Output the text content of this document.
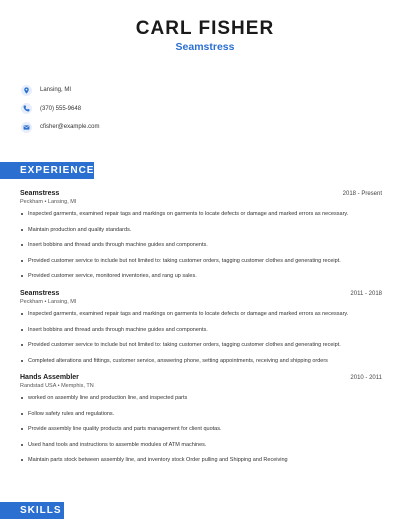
CARL FISHER
Seamstress
Lansing, MI
(370) 555-9648
cfisher@example.com
EXPERIENCE
Seamstress	2018 - Present
Peckham • Lansing, MI
Inspected garments, examined repair tags and markings on garments to locate defects or damage and marked errors as necessary.
Maintain production and quality standards.
Insert bobbins and thread ands through machine guides and components.
Provided customer service to include but not limited to: taking customer orders, tagging customer clothes and generating receipt.
Provided customer service, monitored inventories, and rang up sales.
Seamstress	2011 - 2018
Peckham • Lansing, MI
Inspected garments, examined repair tags and markings on garments to locate defects or damage and marked errors as necessary.
Insert bobbins and thread ands through machine guides and components.
Provided customer service to include but not limited to: taking customer orders, tagging customer clothes and generating receipt.
Completed alterations and fittings, customer service, answering phone, setting appointments, receiving and shipping orders
Hands Assembler	2010 - 2011
Randstad USA • Memphis, TN
worked on assembly line and production line, and inspected parts
Follow safety rules and regulations.
Provide assembly line quality products and parts management for client quotas.
Used hand tools and instructions to assemble modules of ATM machines.
Maintain parts stock between assembly line, and inventory stock Order pulling and Shipping and Receiving
SKILLS
